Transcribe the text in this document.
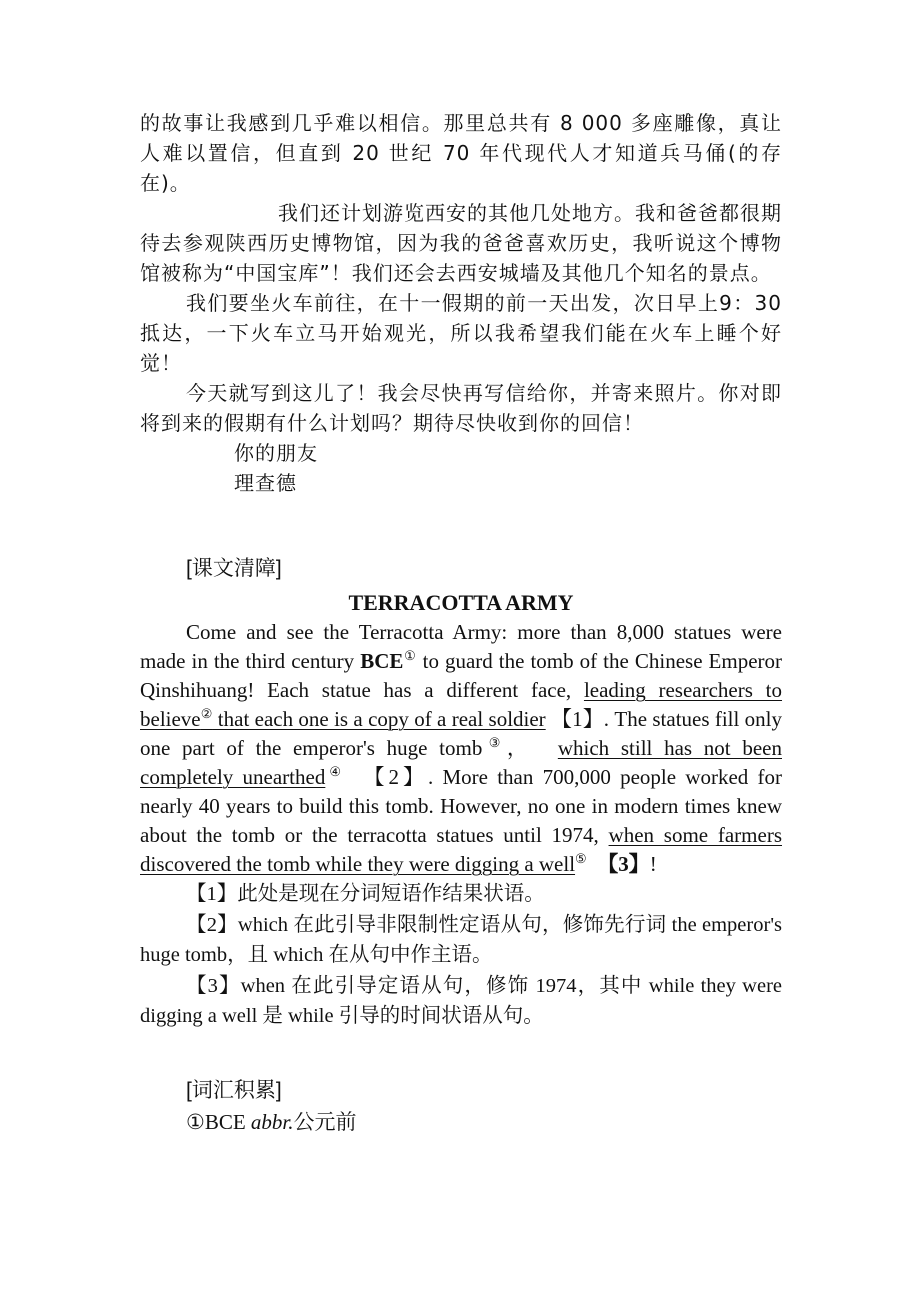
的故事让我感到几乎难以相信。那里总共有 8 000 多座雕像，真让人难以置信，但直到 20 世纪 70 年代现代人才知道兵马俑(的存在)。

我们还计划游览西安的其他几处地方。我和爸爸都很期待去参观陕西历史博物馆，因为我的爸爸喜欢历史，我听说这个博物馆被称为“中国宝库”！我们还会去西安城墙及其他几个知名的景点。

我们要坐火车前往，在十一假期的前一天出发，次日早上9：30 抵达，一下火车立马开始观光，所以我希望我们能在火车上睡个好觉！

今天就写到这儿了！我会尽快再写信给你，并寄来照片。你对即将到来的假期有什么计划吗？期待尽快收到你的回信！

你的朋友

理查德

[课文清障]

TERRACOTTA ARMY

Come and see the Terracotta Army: more than 8,000 statues were made in the third century BCE① to guard the tomb of the Chinese Emperor Qinshihuang! Each statue has a different face, leading researchers to believe② that each one is a copy of a real soldier 【1】. The statues fill only one part of the emperor's huge tomb③， which still has not been completely unearthed④ 【2】. More than 700,000 people worked for nearly 40 years to build this tomb. However, no one in modern times knew about the tomb or the terracotta statues until 1974, when some farmers discovered the tomb while they were digging a well⑤ 【3】!

【1】此处是现在分词短语作结果状语。

【2】which 在此引导非限制性定语从句，修饰先行词 the emperor's huge tomb，且 which 在从句中作主语。

【3】when 在此引导定语从句，修饰 1974，其中 while they were digging a well 是 while 引导的时间状语从句。

[词汇积累]

①BCE abbr.公元前
